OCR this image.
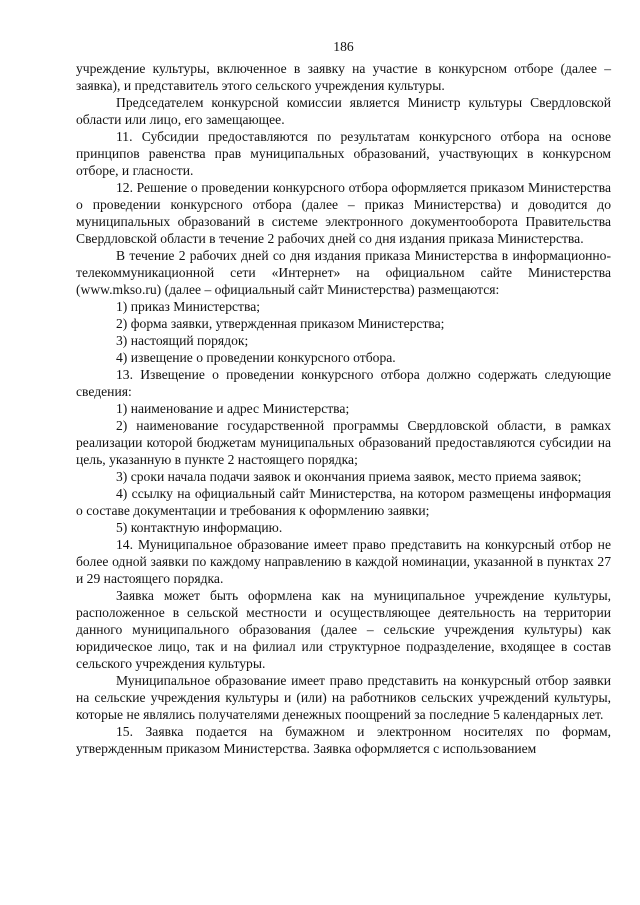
186
учреждение культуры, включенное в заявку на участие в конкурсном отборе (далее – заявка), и представитель этого сельского учреждения культуры.
Председателем конкурсной комиссии является Министр культуры Свердловской области или лицо, его замещающее.
11. Субсидии предоставляются по результатам конкурсного отбора на основе принципов равенства прав муниципальных образований, участвующих в конкурсном отборе, и гласности.
12. Решение о проведении конкурсного отбора оформляется приказом Министерства о проведении конкурсного отбора (далее – приказ Министерства) и доводится до муниципальных образований в системе электронного документооборота Правительства Свердловской области в течение 2 рабочих дней со дня издания приказа Министерства.
В течение 2 рабочих дней со дня издания приказа Министерства в информационно-телекоммуникационной сети «Интернет» на официальном сайте Министерства (www.mkso.ru) (далее – официальный сайт Министерства) размещаются:
1) приказ Министерства;
2) форма заявки, утвержденная приказом Министерства;
3) настоящий порядок;
4) извещение о проведении конкурсного отбора.
13. Извещение о проведении конкурсного отбора должно содержать следующие сведения:
1) наименование и адрес Министерства;
2) наименование государственной программы Свердловской области, в рамках реализации которой бюджетам муниципальных образований предоставляются субсидии на цель, указанную в пункте 2 настоящего порядка;
3) сроки начала подачи заявок и окончания приема заявок, место приема заявок;
4) ссылку на официальный сайт Министерства, на котором размещены информация о составе документации и требования к оформлению заявки;
5) контактную информацию.
14. Муниципальное образование имеет право представить на конкурсный отбор не более одной заявки по каждому направлению в каждой номинации, указанной в пунктах 27 и 29 настоящего порядка.
Заявка может быть оформлена как на муниципальное учреждение культуры, расположенное в сельской местности и осуществляющее деятельность на территории данного муниципального образования (далее – сельские учреждения культуры) как юридическое лицо, так и на филиал или структурное подразделение, входящее в состав сельского учреждения культуры.
Муниципальное образование имеет право представить на конкурсный отбор заявки на сельские учреждения культуры и (или) на работников сельских учреждений культуры, которые не являлись получателями денежных поощрений за последние 5 календарных лет.
15. Заявка подается на бумажном и электронном носителях по формам, утвержденным приказом Министерства. Заявка оформляется с использованием
